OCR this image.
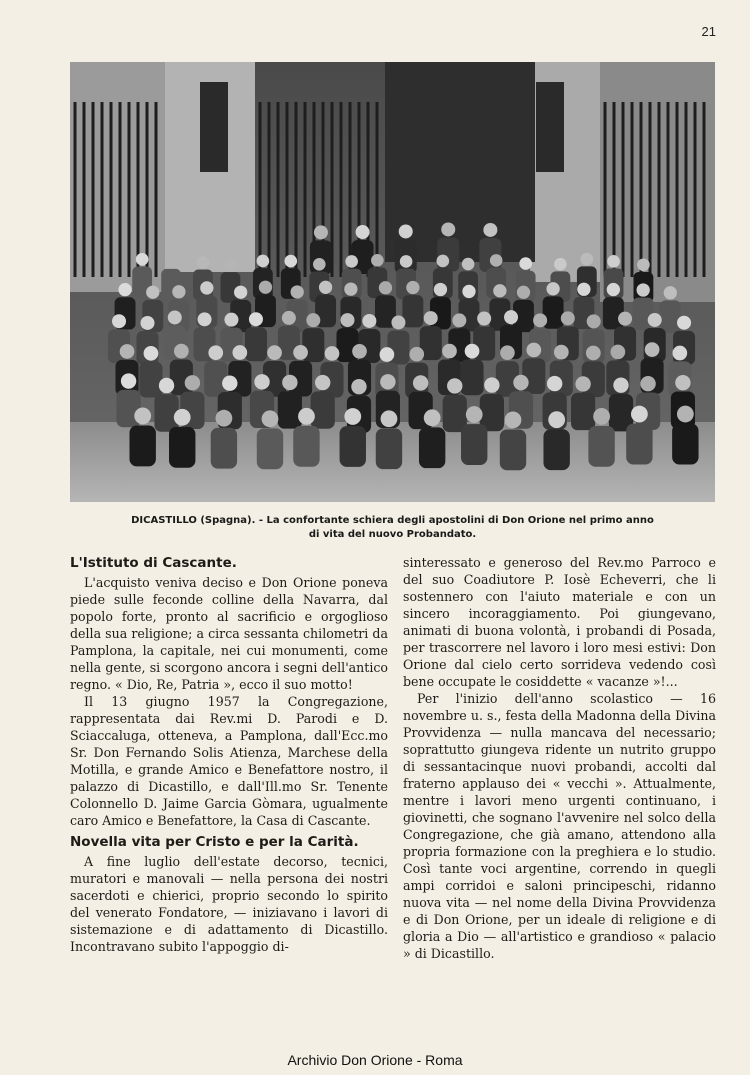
21
DICASTILLO (Spagna). - La confortante schiera degli apostolini di Don Orione nel primo anno
di vita del nuovo Probandato.
L'Istituto di Cascante.

L'acquisto veniva deciso e Don Orione poneva piede sulle feconde colline della Navarra, dal popolo forte, pronto al sacrificio e orgoglioso della sua religione; a circa sessanta chilometri da Pamplona, la capitale, nei cui monumenti, come nella gente, si scorgono ancora i segni dell'antico regno. « Dio, Re, Patria », ecco il suo motto!

Il 13 giugno 1957 la Congregazione, rappresentata dai Rev.mi D. Parodi e D. Sciaccaluga, otteneva, a Pamplona, dall'Ecc.mo Sr. Don Fernando Solis Atienza, Marchese della Motilla, e grande Amico e Benefattore nostro, il palazzo di Dicastillo, e dall'Ill.mo Sr. Tenente Colonnello D. Jaime Garcia Gòmara, ugualmente caro Amico e Benefattore, la Casa di Cascante.

Novella vita per Cristo e per la Carità.

A fine luglio dell'estate decorso, tecnici, muratori e manovali — nella persona dei nostri sacerdoti e chierici, proprio secondo lo spirito del venerato Fondatore, — iniziavano i lavori di sistemazione e di adattamento di Dicastillo. Incontravano subito l'appoggio di-

sinteressato e generoso del Rev.mo Parroco e del suo Coadiutore P. Iosè Echeverri, che li sostennero con l'aiuto materiale e con un sincero incoraggiamento. Poi giungevano, animati di buona volontà, i probandi di Posada, per trascorrere nel lavoro i loro mesi estivi: Don Orione dal cielo certo sorrideva vedendo così bene occupate le cosiddette « vacanze »!...

Per l'inizio dell'anno scolastico — 16 novembre u. s., festa della Madonna della Divina Provvidenza — nulla mancava del necessario; soprattutto giungeva ridente un nutrito gruppo di sessantacinque nuovi probandi, accolti dal fraterno applauso dei « vecchi ». Attualmente, mentre i lavori meno urgenti continuano, i giovinetti, che sognano l'avvenire nel solco della Congregazione, che già amano, attendono alla propria formazione con la preghiera e lo studio. Così tante voci argentine, correndo in quegli ampi corridoi e saloni principeschi, ridanno nuova vita — nel nome della Divina Provvidenza e di Don Orione, per un ideale di religione e di gloria a Dio — all'artistico e grandioso « palacio » di Dicastillo.

Archivio Don Orione - Roma
